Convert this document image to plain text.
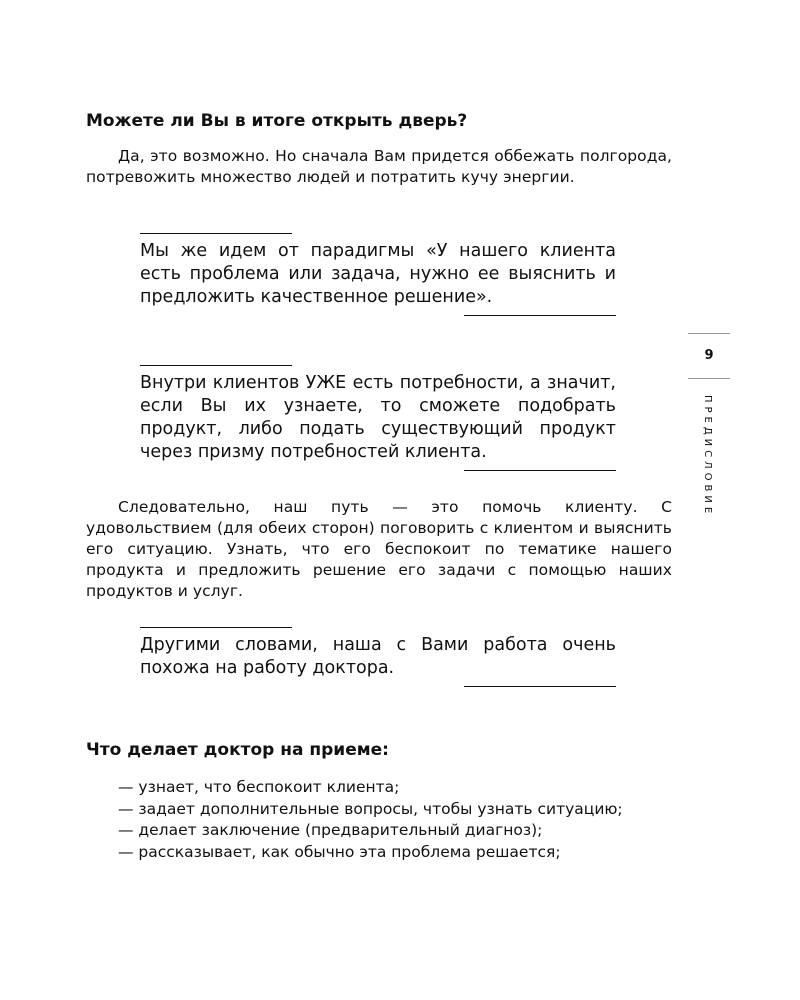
Можете ли Вы в итоге открыть дверь?

Да, это возможно. Но сначала Вам придется оббежать полгорода, потревожить множество людей и потратить кучу энергии.

Мы же идем от парадигмы «У нашего клиента есть проблема или задача, нужно ее выяснить и предложить качественное решение».

Внутри клиентов УЖЕ есть потребности, а значит, если Вы их узнаете, то сможете подобрать продукт, либо подать существующий продукт через призму потребностей клиента.

Следовательно, наш путь — это помочь клиенту. С удовольствием (для обеих сторон) поговорить с клиентом и выяснить его ситуацию. Узнать, что его беспокоит по тематике нашего продукта и предложить решение его задачи с помощью наших продуктов и услуг.

Другими словами, наша с Вами работа очень похожа на работу доктора.

Что делает доктор на приеме:
— узнает, что беспокоит клиента;
— задает дополнительные вопросы, чтобы узнать ситуацию;
— делает заключение (предварительный диагноз);
— рассказывает, как обычно эта проблема решается;
9
ПРЕДИСЛОВИЕ
